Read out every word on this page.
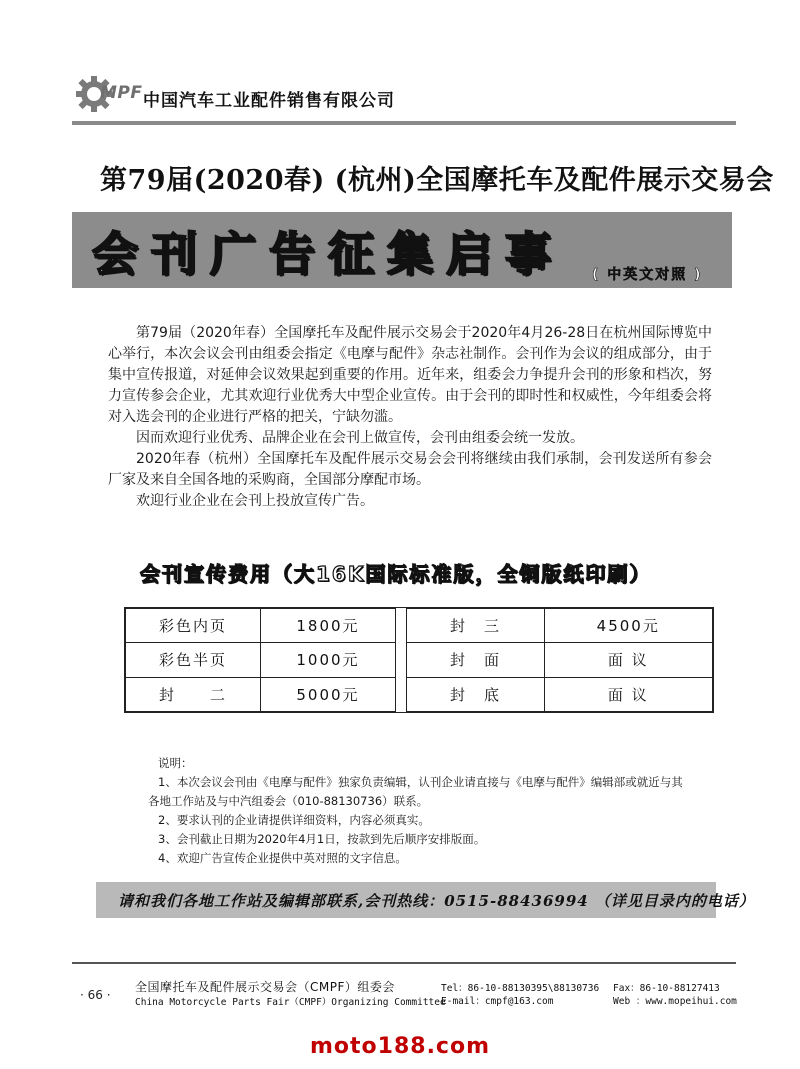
MPF 中国汽车工业配件销售有限公司
第79届(2020春) (杭州)全国摩托车及配件展示交易会
会刊广告征集启事 ( 中英文对照 )

第79届（2020年春）全国摩托车及配件展示交易会于2020年4月26-28日在杭州国际博览中心举行，本次会议会刊由组委会指定《电摩与配件》杂志社制作。会刊作为会议的组成部分，由于集中宣传报道，对延伸会议效果起到重要的作用。近年来，组委会力争提升会刊的形象和档次，努力宣传参会企业，尤其欢迎行业优秀大中型企业宣传。由于会刊的即时性和权威性，今年组委会将对入选会刊的企业进行严格的把关，宁缺勿滥。

因而欢迎行业优秀、品牌企业在会刊上做宣传，会刊由组委会统一发放。

2020年春（杭州）全国摩托车及配件展示交易会会刊将继续由我们承制，会刊发送所有参会厂家及来自全国各地的采购商，全国部分摩配市场。

欢迎行业企业在会刊上投放宣传广告。

会刊宣传费用（大16K国际标准版，全铜版纸印刷）
彩色内页	1800元		封　三	4500元
彩色半页	1000元		封　面	面 议
封　　二	5000元		封　底	面 议
说明：
1、本次会议会刊由《电摩与配件》独家负责编辑，认刊企业请直接与《电摩与配件》编辑部或就近与其
各地工作站及与中汽组委会（010-88130736）联系。
2、要求认刊的企业请提供详细资料，内容必须真实。
3、会刊截止日期为2020年4月1日，按款到先后顺序安排版面。
4、欢迎广告宣传企业提供中英对照的文字信息。
请和我们各地工作站及编辑部联系,会刊热线：0515-88436994 （详见目录内的电话）
· 66 ·
全国摩托车及配件展示交易会（CMPF）组委会
China Motorcycle Parts Fair（CMPF）Organizing Committee
Tel：86-10-88130395\88130736
E-mail：cmpf@163.com
Fax：86-10-88127413
Web ：www.mopeihui.com
moto188.com
